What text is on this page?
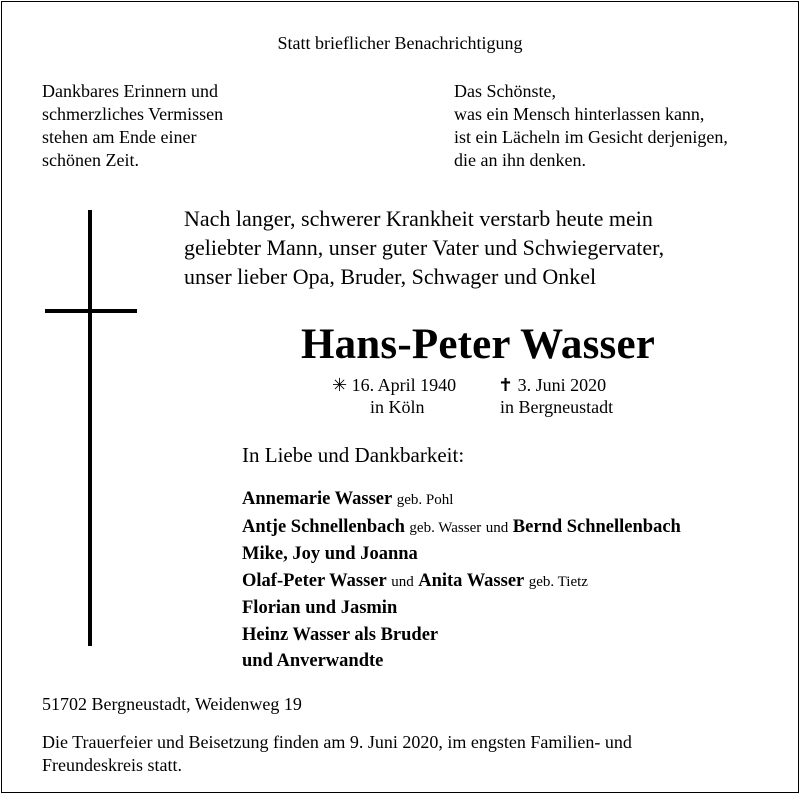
Statt brieflicher Benachrichtigung
Dankbares Erinnern und
schmerzliches Vermissen
stehen am Ende einer
schönen Zeit.
Das Schönste,
was ein Mensch hinterlassen kann,
ist ein Lächeln im Gesicht derjenigen,
die an ihn denken.
Nach langer, schwerer Krankheit verstarb heute mein
geliebter Mann, unser guter Vater und Schwiegervater,
unser lieber Opa, Bruder, Schwager und Onkel
Hans-Peter Wasser
✳ 16. April 1940
in Köln
✝ 3. Juni 2020
in Bergneustadt
In Liebe und Dankbarkeit:
Annemarie Wasser geb. Pohl
Antje Schnellenbach geb. Wasser und Bernd Schnellenbach
Mike, Joy und Joanna
Olaf-Peter Wasser und Anita Wasser geb. Tietz
Florian und Jasmin
Heinz Wasser als Bruder
und Anverwandte
51702 Bergneustadt, Weidenweg 19
Die Trauerfeier und Beisetzung finden am 9. Juni 2020, im engsten Familien- und
Freundeskreis statt.
